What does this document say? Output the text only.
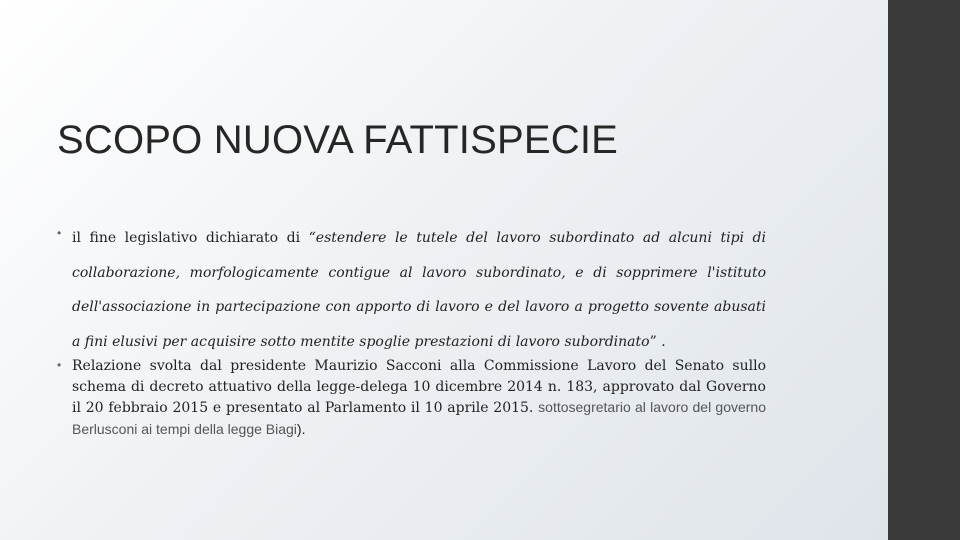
SCOPO NUOVA FATTISPECIE
• il fine legislativo dichiarato di “estendere le tutele del lavoro subordinato ad alcuni tipi di collaborazione, morfologicamente contigue al lavoro subordinato, e di sopprimere l'istituto dell'associazione in partecipazione con apporto di lavoro e del lavoro a progetto sovente abusati a fini elusivi per acquisire sotto mentite spoglie prestazioni di lavoro subordinato” .

• Relazione svolta dal presidente Maurizio Sacconi alla Commissione Lavoro del Senato sullo schema di decreto attuativo della legge-delega 10 dicembre 2014 n. 183, approvato dal Governo il 20 febbraio 2015 e presentato al Parlamento il 10 aprile 2015. sottosegretario al lavoro del governo Berlusconi ai tempi della legge Biagi).
